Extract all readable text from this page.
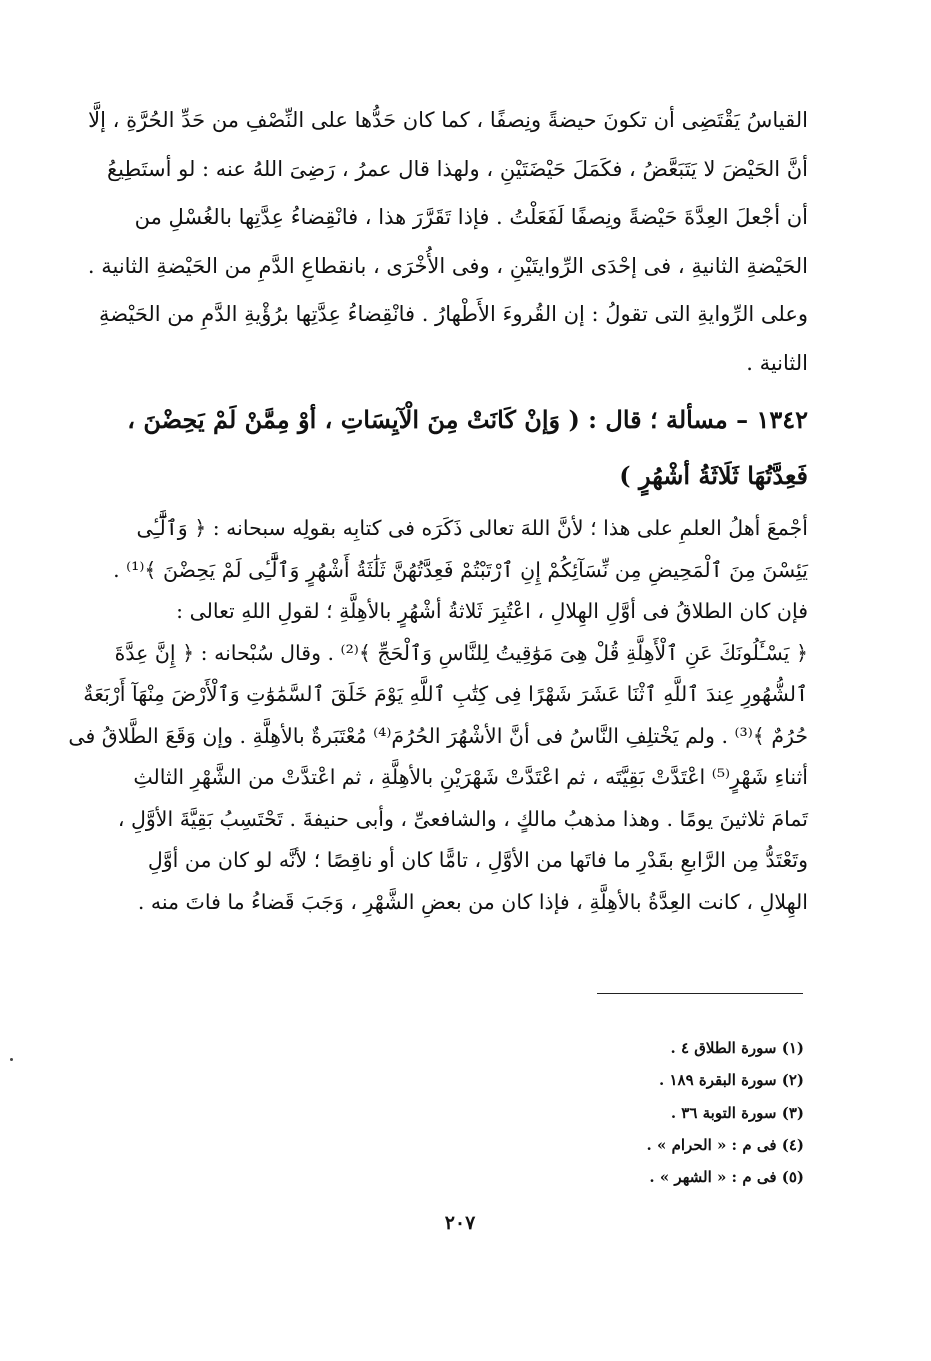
القياسُ يَقْتَضِى أن تكونَ حيضةً ونِصفًا ، كما كان حَدُّها على النِّصْفِ من حَدِّ الحُرَّةِ ، إلَّا
أنَّ الحَيْضَ لا يَتَبَعَّضُ ، فكَمَلَ حَيْضَتَيْنِ ، ولهذا قال عمرُ ، رَضِىَ اللهُ عنه : لو أستَطِيعُ
أن أجْعلَ العِدَّةَ حَيْضةً ونِصفًا لَفَعَلْتُ . فإذا تَقَرَّرَ هذا ، فانْقِضاءُ عِدَّتِها بالغُسْلِ من
الحَيْضةِ الثانيةِ ، فى إحْدَى الرِّوايتَيْنِ ، وفى الأُخْرَى ، بانقطاعِ الدَّمِ من الحَيْضةِ الثانية .
وعلى الرِّوايةِ التى تقولُ : إن القُروءَ الأَطْهارُ . فانْقِضاءُ عِدَّتِها برُؤْيةِ الدَّمِ من الحَيْضةِ
الثانية .
١٣٤٢ – مسألة ؛ قال : ( وَإنْ كَانَتْ مِنَ الْآيِسَاتِ ، أوْ مِمَّنْ لَمْ يَحِضْنَ ،
فَعِدَّتُهَا ثَلَاثَةُ أشْهُرٍ )
أجْمعَ أهلُ العلمِ على هذا ؛ لأنَّ اللهَ تعالى ذَكَرَه فى كتابِه بقولِه سبحانه : ﴿ وَٱلَّٰٓـِٔى
يَئِسْنَ مِنَ ٱلْمَحِيضِ مِن نِّسَآئِكُمْ إِنِ ٱرْتَبْتُمْ فَعِدَّتُهُنَّ ثَلَٰثَةُ أَشْهُرٍ وَٱلَّٰٓـِٔى لَمْ يَحِضْنَ ﴾⁽¹⁾ .
فإن كان الطلاقُ فى أوَّلِ الهِلالِ ، اعْتُبِرَ ثَلاثةُ أشْهُرٍ بالأهِلَّةِ ؛ لقولِ اللهِ تعالى :
﴿ يَسْـَٔلُونَكَ عَنِ ٱلْأَهِلَّةِ قُلْ هِىَ مَوَٰقِيتُ لِلنَّاسِ وَٱلْحَجِّ ﴾⁽²⁾ . وقال سُبْحانه : ﴿ إِنَّ عِدَّةَ
ٱلشُّهُورِ عِندَ ٱللَّهِ ٱثْنَا عَشَرَ شَهْرًا فِى كِتَٰبِ ٱللَّهِ يَوْمَ خَلَقَ ٱلسَّمَٰوَٰتِ وَٱلْأَرْضَ مِنْهَآ أَرْبَعَةٌ
حُرُمٌ ﴾⁽³⁾ . ولم يَخْتلِفِ النَّاسُ فى أنَّ الأشْهُرَ الحُرُمَ⁽⁴⁾ مُعْتَبَرةٌ بالأهِلَّةِ . وإن وَقَعَ الطَّلاقُ فى
أثناءِ شَهْرٍ⁽⁵⁾ اعْتَدَّتْ بَقِيَّتَه ، ثم اعْتَدَّتْ شَهْرَيْنِ بالأهِلَّةِ ، ثم اعْتدَّتْ من الشَّهْرِ الثالثِ
تَمامَ ثلاثينَ يومًا . وهذا مذهبُ مالكٍ ، والشافعىِّ ، وأبى حنيفةَ . تَحْتَسِبُ بَقِيَّةَ الأوَّلِ ،
وتَعْتَدُّ مِن الرَّابعِ بقَدْرِ ما فاتَها من الأوَّلِ ، تامًّا كان أو ناقِصًا ؛ لأنَّه لو كان من أوَّلِ
الهِلالِ ، كانت العِدَّةُ بالأهِلَّةِ ، فإذا كان من بعضِ الشَّهْرِ ، وَجَبَ قَضاءُ ما فاتَ منه .
(١) سورة الطلاق ٤ .
(٢) سورة البقرة ١٨٩ .
(٣) سورة التوبة ٣٦ .
(٤) فى م : « الحرام » .
(٥) فى م : « الشهر » .
٢٠٧
